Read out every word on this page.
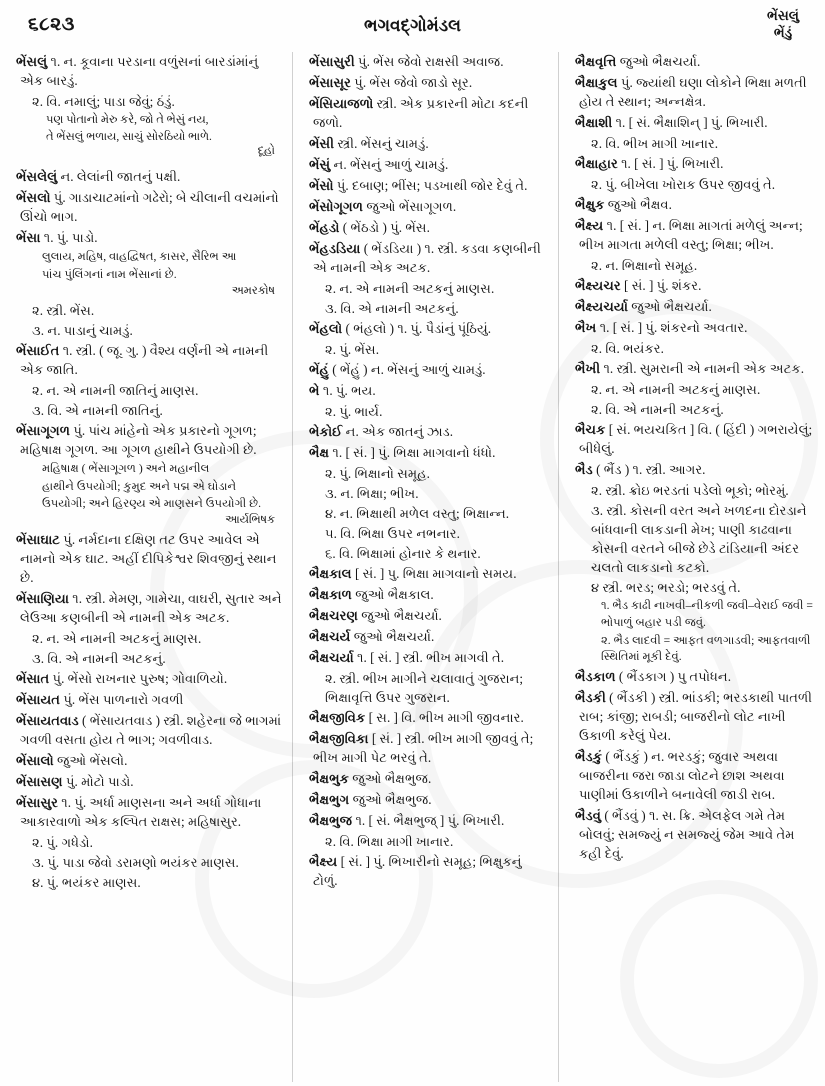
૬૮૨૩	ભગવદ્ગોમંડલ
ભેંસલું
ભેંડું

ભેંસલું ૧. ન. કૂવાના પરડાના વળુંસનાં બારડાંમાંનું એક બારડું.

૨. વિ. નમાલું; પાડા જેવું; ઠંડું.

પણ પોતાનો મેરુ કરે, જો તે ભેસું નય,

તે ભેંસલું ભળાય, સાચું સોરઠિયો ભાળે.

દૂહો

ભેંસલેલું ન. લેલાંની જાતનું પક્ષી.

ભેંસલો પું. ગાડાચાટમાંનો ગઢેરો; બે ચીલાની વચમાંનો ઊંચો ભાગ.

ભેંસા ૧. પું. પાડો.

લુલાય, મહિષ, વાહદ્વિષત, કાસર, સૈરિભ આ

પાંચ પુંલિંગનાં નામ ભેંસાનાં છે.

અમરકોષ

૨. સ્ત્રી. ભેંસ.

૩. ન. પાડાનું ચામડું.

ભેંસાઈત ૧. સ્ત્રી. ( જૂ. ગુ. ) વૈશ્ય વર્ણની એ નામની એક જાતિ.

૨. ન. એ નામની જાતિનું માણસ.

૩. વિ. એ નામની જાતિનું.

ભેંસાગૂગળ પું. પાંચ માંહેનો એક પ્રકારનો ગૂગળ; મહિષાક્ષ ગૂગળ. આ ગૂગળ હાથીને ઉપયોગી છે.

મહિષાક્ષ ( ભેંસાગૂગળ ) અને મહાનીલ

હાથીને ઉપયોગી; કુમુદ અને પદ્મ એ ઘોડાને

ઉપયોગી; અને હિરણ્ય એ માણસને ઉપયોગી છે.

આર્યભિષક

ભેંસાઘાટ પું. નર્મદાના દક્ષિણ તટ ઉપર આવેલ એ નામનો એક ઘાટ. અહીં દીપિકેશ્વર શિવજીનું સ્થાન છે.

ભેંસાણિયા ૧. સ્ત્રી. મેમણ, ગામેચા, વાઘરી, સુતાર અને લેઉઆ કણબીની એ નામની એક અટક.

૨. ન. એ નામની અટકનું માણસ.

૩. વિ. એ નામની અટકનું.

ભેંસાત પું. ભેંસો રાખનાર પુરુષ; ગોવાળિયો.

ભેંસાયત પું. ભેંસ પાળનારો ગવળી

ભેંસાયતવાડ ( ભેંસાયતવાડ ) સ્ત્રી. શહેરના જે ભાગમાં ગવળી વસતા હોય તે ભાગ; ગવળીવાડ.

ભેંસાલો જુઓ ભેંસલો.

ભેંસાસણ પું. મોટો પાડો.

ભેંસાસુર ૧. પું. અર્ધા માણસના અને અર્ધા ગોધાના આકારવાળો એક કલ્પિત રાક્ષસ; મહિષાસુર.

૨. પું. ગધેડો.

૩. પું. પાડા જેવો ડરામણો ભયંકર માણસ.

૪. પું. ભયંકર માણસ.

ભેંસાસુરી પું. ભેંસ જેવો રાક્ષસી અવાજ.

ભેંસાસૂર પું. ભેંસ જેવો જાડો સૂર.

ભેંસિયાજળો સ્ત્રી. એક પ્રકારની મોટા કદની જળો.

ભેંસી સ્ત્રી. ભેંસનું ચામડું.

ભેંસું ન. ભેંસનું આળું ચામડું.

ભેંસો પું. દબાણ; ભીંસ; પડખાથી જોર દેવું તે.

ભેંસોગૂગળ જુઓ ભેંસાગૂગળ.

ભેંહડો ( ભેંઠડો ) પું. ભેંસ.

ભેંહડડિયા ( ભેંડડિયા ) ૧. સ્ત્રી. કડવા કણબીની એ નામની એક અટક.

૨. ન. એ નામની અટકનું માણસ.

૩. વિ. એ નામની અટકનું.

ભેંહલો ( ભંહલો ) ૧. પું. પૈડાંનું પૂંઠિયું.

૨. પું. ભેંસ.

ભેંહું ( ભેંહું ) ન. ભેંસનું આળું ચામડું.

ભે ૧. પું. ભય.

૨. પું. ભાર્ય.

ભેકોઈ ન. એક જાતનું ઝાડ.

ભૈક્ષ ૧. [ સં. ] પું. ભિક્ષા માગવાનો ધંધો.

૨. પું. ભિક્ષાનો સમૂહ.

૩. ન. ભિક્ષા; ભીખ.

૪. ન. ભિક્ષાથી મળેલ વસ્તુ; ભિક્ષાન્ન.

૫. વિ. ભિક્ષા ઉપર નભનાર.

૬. વિ. ભિક્ષામાં હોનાર કે થનાર.

ભૈક્ષકાલ [ સં. ] પુ. ભિક્ષા માગવાનો સમય.

ભૈક્ષકાળ જુઓ ભૈક્ષકાલ.

ભૈક્ષચરણ જુઓ ભૈક્ષચર્યા.

ભૈક્ષચર્ય જુઓ ભૈક્ષચર્યા.

ભૈક્ષચર્યા ૧. [ સં. ] સ્ત્રી. ભીખ માગવી તે.

૨. સ્ત્રી. ભીખ માગીને ચલાવાતું ગુજરાન; ભિક્ષાવૃત્તિ ઉપર ગુજરાન.

ભૈક્ષજીવિક [ સ. ] વિ. ભીખ માગી જીવનાર.

ભૈક્ષજીવિકા [ સં. ] સ્ત્રી. ભીખ માગી જીવવું તે; ભીખ માગી પેટ ભરવું તે.

ભૈક્ષભુક જુઓ ભૈક્ષભુજ.

ભૈક્ષભુગ જુઓ ભૈક્ષભુજ.

ભૈક્ષભુજ ૧. [ સં. ભૈક્ષભુજ્ ] પું. ભિખારી.

૨. વિ. ભિક્ષા માગી ખાનાર.

ભૈક્ષ્ય [ સં. ] પું. ભિખારીનો સમૂહ; ભિક્ષુકનું ટોળું.

ભૈક્ષવૃત્તિ જુઓ ભૈક્ષચર્યા.

ભૈક્ષાકુલ પું. જ્યાંથી ઘણા લોકોને ભિક્ષા મળતી હોય તે સ્થાન; અન્નક્ષેત્ર.

ભૈક્ષાશી ૧. [ સં. ભૈક્ષાશિન્ ] પું. ભિખારી.

૨. વિ. ભીખ માગી ખાનાર.

ભૈક્ષાહાર ૧. [ સં. ] પું. ભિખારી.

૨. પું. બીખેલા ખોરાક ઉપર જીવવું તે.

ભૈક્ષુક જુઓ ભૈક્ષવ.

ભૈક્ષ્ય ૧. [ સં. ] ન. ભિક્ષા માગતાં મળેલું અન્ન; ભીખ માગતા મળેલી વસ્તુ; ભિક્ષા; ભીખ.

૨. ન. ભિક્ષાનો સમૂહ.

ભૈક્ષ્યચર [ સં. ] પું. શંકર.

ભૈક્ષ્યચર્યા જુઓ ભૈક્ષચર્યા.

ભૈખ ૧. [ સં. ] પું. શંકરનો અવતાર.

૨. વિ. ભયંકર.

ભૈખી ૧. સ્ત્રી. સુમરાની એ નામની એક અટક.

૨. ન. એ નામની અટકનું માણસ.

૨. વિ. એ નામની અટકનું.

ભૈચક [ સં. ભયચકિત ] વિ. ( હિંદી ) ગભરાયેલું; બીધેલું.

ભૈડ ( ભૈંડ ) ૧. સ્ત્રી. આગર.

૨. સ્ત્રી. ક્રોઇ ભરડતાં પડેલો ભૂકો; ભોરમું.

૩. સ્ત્રી. કોસની વરત અને ખળદના દોરડાને બાંધવાની લાકડાની મેખ; પાણી કાઢવાના કોસની વરતને બીજે છેડે ટાંડિયાની અંદર ચલતો લાકડાનો કટકો.

૪ સ્ત્રી. ભરડ; ભરડો; ભરડવું તે.

૧. ભૈડ કાઢી નાખવી–નીકળી જવી–વેરાઈ જવી = ભોપાળું બહાર પડી જવું.

૨. ભૈડ લાદવી = આફત વળગાડવી; આફતવાળી સ્થિતિમાં મૂકી દેવું.

ભૈડકાળ ( ભૈંડકાગ ) પુ તપોધન.

ભૈડકી ( ભૈંડકી ) સ્ત્રી. ભાંડકી; ભરડકાથી પાતળી રાબ; કાંજી; રાબડી; બાજરીનો લોટ નાખી ઉકાળી કરેલું પેય.

ભૈડકું ( ભૈંડકું ) ન. ભરડકું; જુવાર અથવા બાજરીના જરા જાડા લોટને છાશ અથવા પાણીમાં ઉકાળીને બનાવેલી જાડી રાબ.

ભૈડવું ( ભૈંડવું ) ૧. સ. ક્રિ. એલફેલ ગમે તેમ બોલવું; સમજ્યું ન સમજ્યું જેમ આવે તેમ કહી દેવું.
